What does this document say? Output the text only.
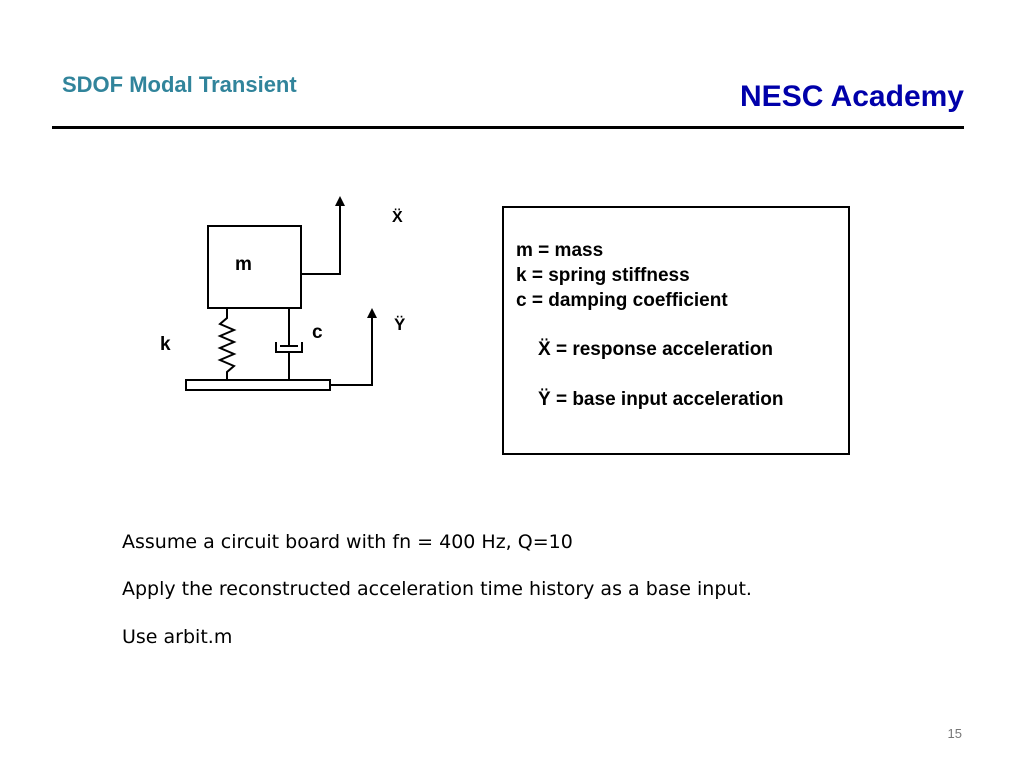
SDOF Modal Transient	NESC Academy
m
Ẍ
k
c	Ÿ
m = mass
k = spring stiffness
c = damping coefficient
Ẍ = response acceleration
Ÿ = base input acceleration
Assume a circuit board with fn = 400 Hz, Q=10
Apply the reconstructed acceleration time history as a base input.
Use arbit.m
15
